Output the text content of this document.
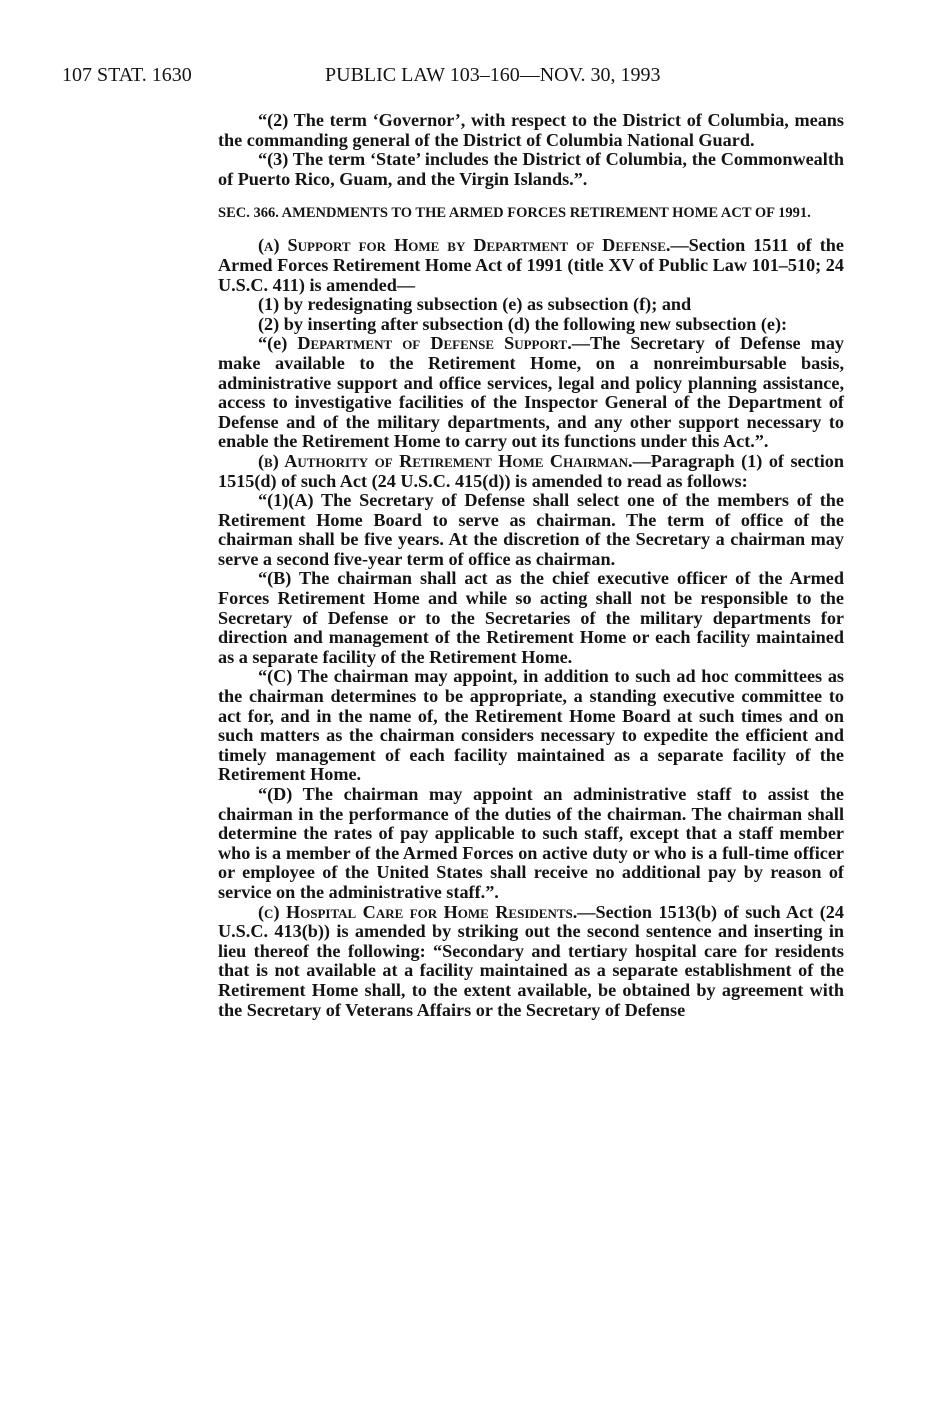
107 STAT. 1630	PUBLIC LAW 103–160—NOV. 30, 1993

“(2) The term ‘Governor’, with respect to the District of Columbia, means the commanding general of the District of Columbia National Guard.

“(3) The term ‘State’ includes the District of Columbia, the Commonwealth of Puerto Rico, Guam, and the Virgin Islands.”.

SEC. 366. AMENDMENTS TO THE ARMED FORCES RETIREMENT HOME ACT OF 1991.

(a) Support for Home by Department of Defense.—Section 1511 of the Armed Forces Retirement Home Act of 1991 (title XV of Public Law 101–510; 24 U.S.C. 411) is amended—

(1) by redesignating subsection (e) as subsection (f); and

(2) by inserting after subsection (d) the following new subsection (e):

“(e) Department of Defense Support.—The Secretary of Defense may make available to the Retirement Home, on a nonreimbursable basis, administrative support and office services, legal and policy planning assistance, access to investigative facilities of the Inspector General of the Department of Defense and of the military departments, and any other support necessary to enable the Retirement Home to carry out its functions under this Act.”.

(b) Authority of Retirement Home Chairman.—Paragraph (1) of section 1515(d) of such Act (24 U.S.C. 415(d)) is amended to read as follows:

“(1)(A) The Secretary of Defense shall select one of the members of the Retirement Home Board to serve as chairman. The term of office of the chairman shall be five years. At the discretion of the Secretary a chairman may serve a second five-year term of office as chairman.

“(B) The chairman shall act as the chief executive officer of the Armed Forces Retirement Home and while so acting shall not be responsible to the Secretary of Defense or to the Secretaries of the military departments for direction and management of the Retirement Home or each facility maintained as a separate facility of the Retirement Home.

“(C) The chairman may appoint, in addition to such ad hoc committees as the chairman determines to be appropriate, a standing executive committee to act for, and in the name of, the Retirement Home Board at such times and on such matters as the chairman considers necessary to expedite the efficient and timely management of each facility maintained as a separate facility of the Retirement Home.

“(D) The chairman may appoint an administrative staff to assist the chairman in the performance of the duties of the chairman. The chairman shall determine the rates of pay applicable to such staff, except that a staff member who is a member of the Armed Forces on active duty or who is a full-time officer or employee of the United States shall receive no additional pay by reason of service on the administrative staff.”.

(c) Hospital Care for Home Residents.—Section 1513(b) of such Act (24 U.S.C. 413(b)) is amended by striking out the second sentence and inserting in lieu thereof the following: “Secondary and tertiary hospital care for residents that is not available at a facility maintained as a separate establishment of the Retirement Home shall, to the extent available, be obtained by agreement with the Secretary of Veterans Affairs or the Secretary of Defense
